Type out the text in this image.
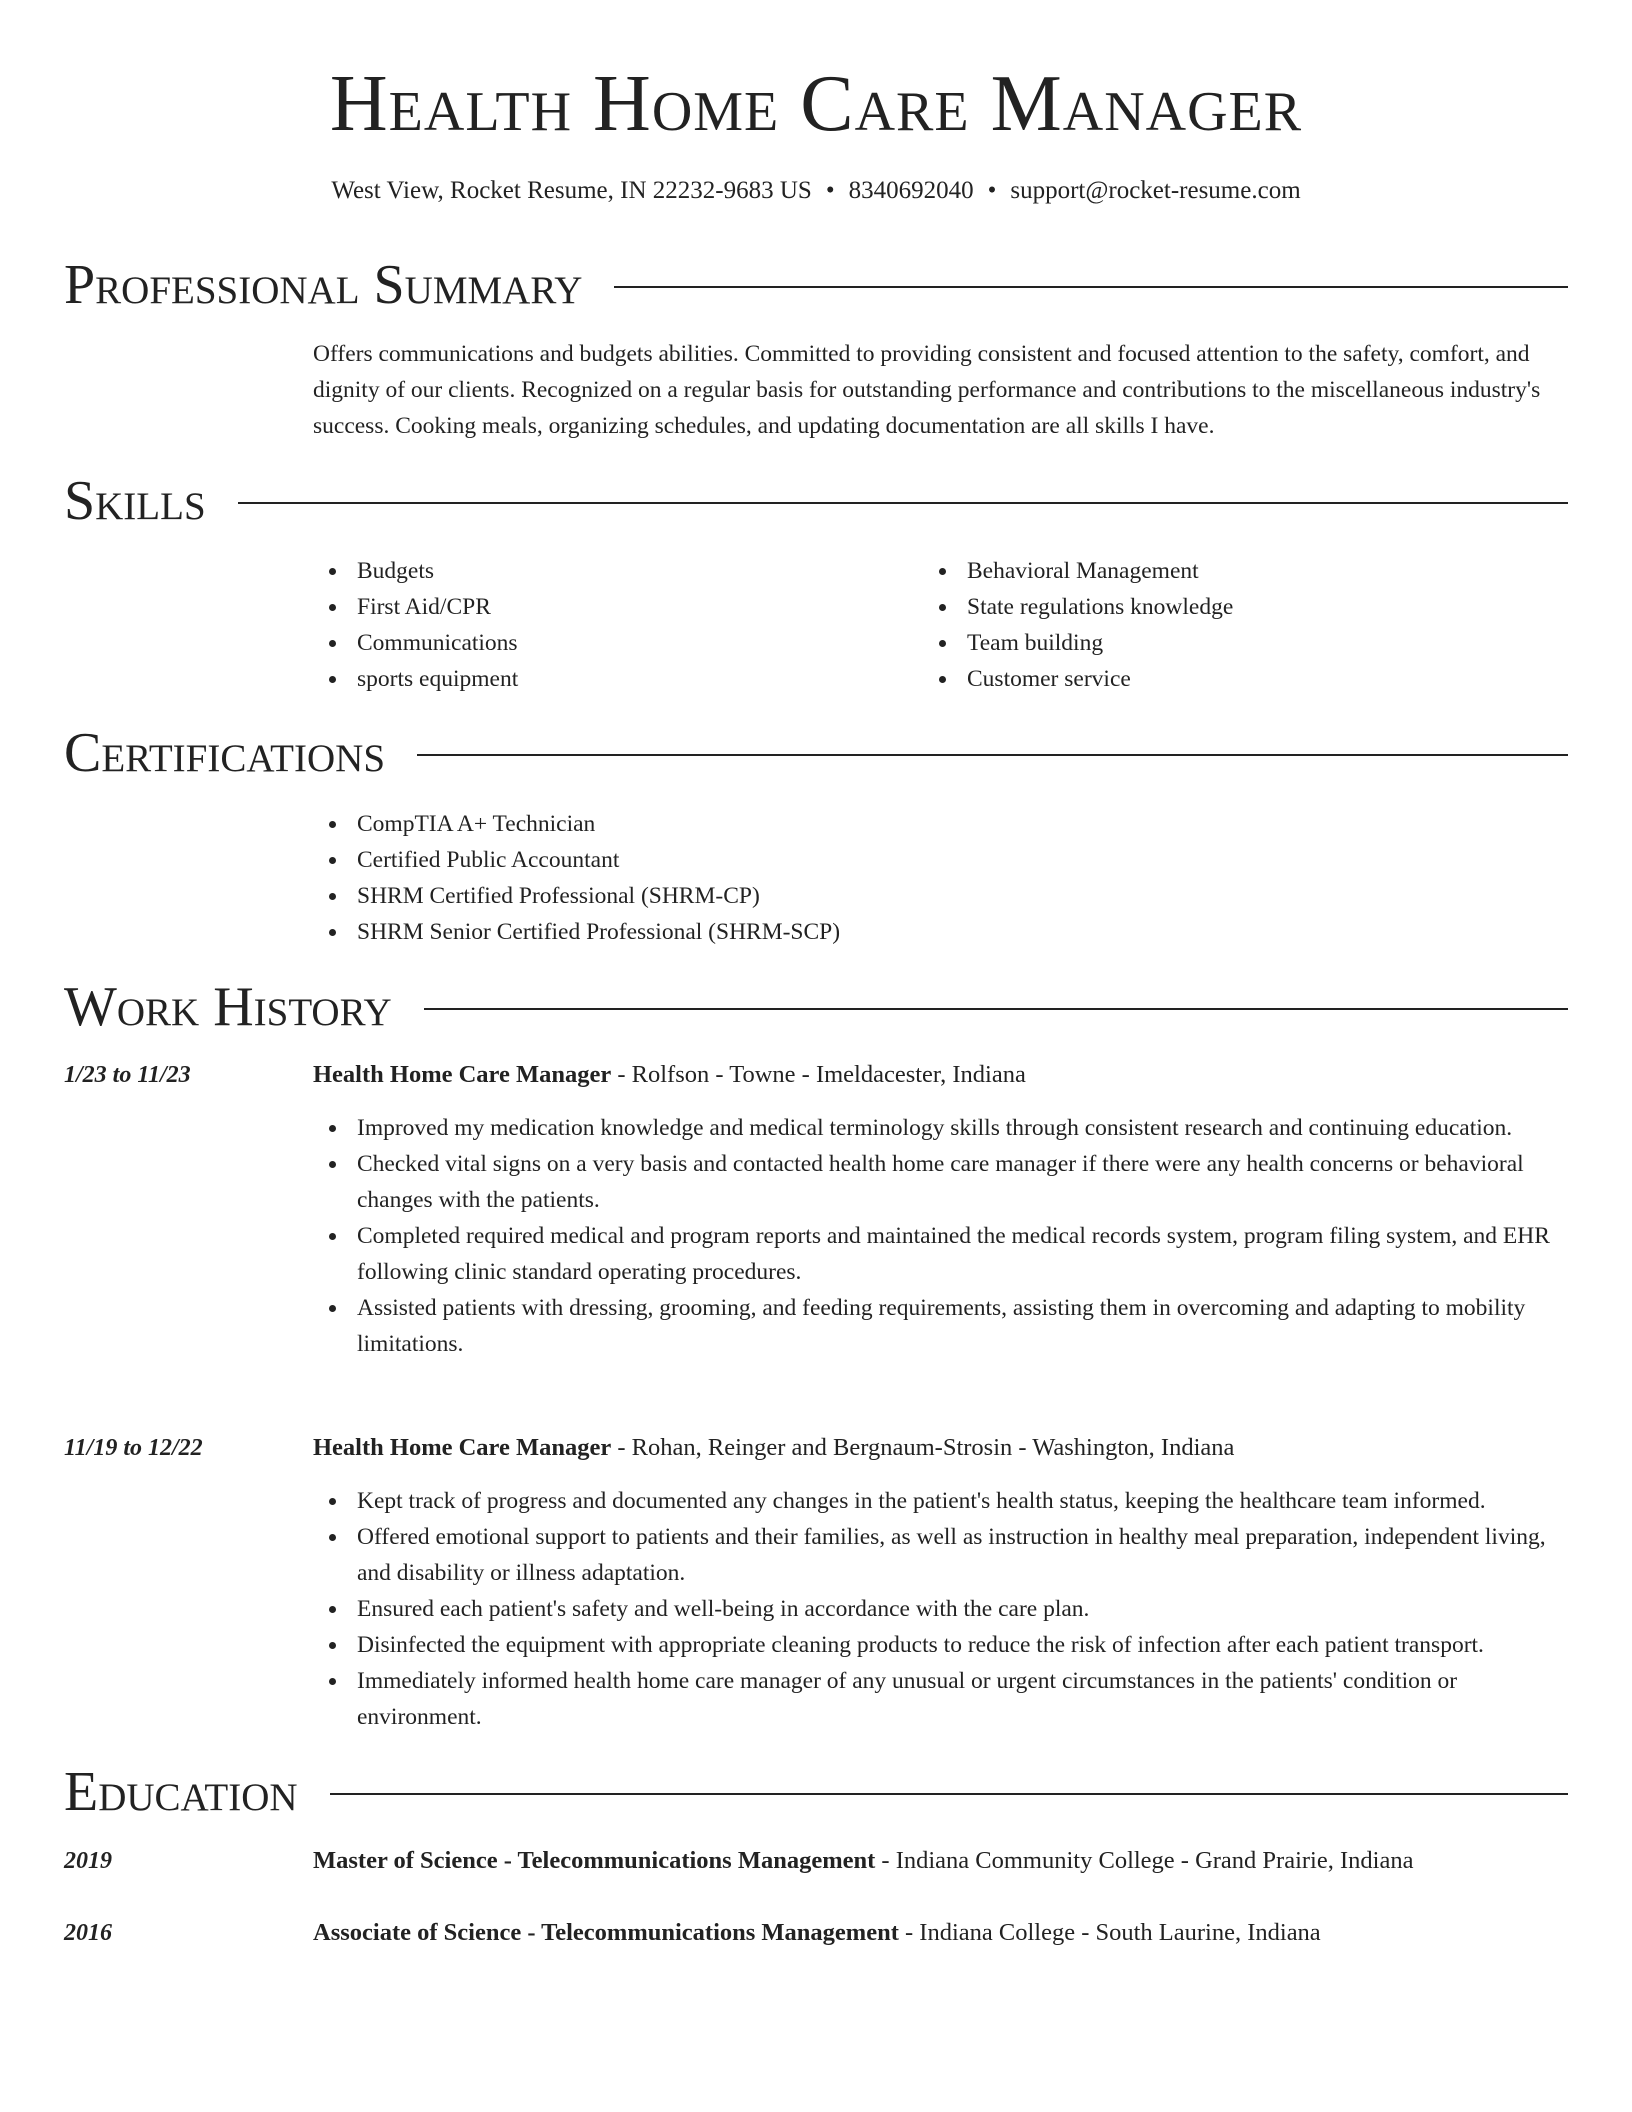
Health Home Care Manager
West View, Rocket Resume, IN 22232-9683 US • 8340692040 • support@rocket-resume.com
Professional Summary
Offers communications and budgets abilities. Committed to providing consistent and focused attention to the safety, comfort, and dignity of our clients. Recognized on a regular basis for outstanding performance and contributions to the miscellaneous industry's success. Cooking meals, organizing schedules, and updating documentation are all skills I have.
Skills
Budgets
First Aid/CPR
Communications
sports equipment
Behavioral Management
State regulations knowledge
Team building
Customer service
Certifications
CompTIA A+ Technician
Certified Public Accountant
SHRM Certified Professional (SHRM-CP)
SHRM Senior Certified Professional (SHRM-SCP)
Work History
1/23 to 11/23	Health Home Care Manager - Rolfson - Towne - Imeldacester, Indiana
Improved my medication knowledge and medical terminology skills through consistent research and continuing education.
Checked vital signs on a very basis and contacted health home care manager if there were any health concerns or behavioral changes with the patients.
Completed required medical and program reports and maintained the medical records system, program filing system, and EHR following clinic standard operating procedures.
Assisted patients with dressing, grooming, and feeding requirements, assisting them in overcoming and adapting to mobility limitations.
11/19 to 12/22	Health Home Care Manager - Rohan, Reinger and Bergnaum-Strosin - Washington, Indiana
Kept track of progress and documented any changes in the patient's health status, keeping the healthcare team informed.
Offered emotional support to patients and their families, as well as instruction in healthy meal preparation, independent living, and disability or illness adaptation.
Ensured each patient's safety and well-being in accordance with the care plan.
Disinfected the equipment with appropriate cleaning products to reduce the risk of infection after each patient transport.
Immediately informed health home care manager of any unusual or urgent circumstances in the patients' condition or environment.
Education
2019	Master of Science - Telecommunications Management - Indiana Community College - Grand Prairie, Indiana
2016	Associate of Science - Telecommunications Management - Indiana College - South Laurine, Indiana
